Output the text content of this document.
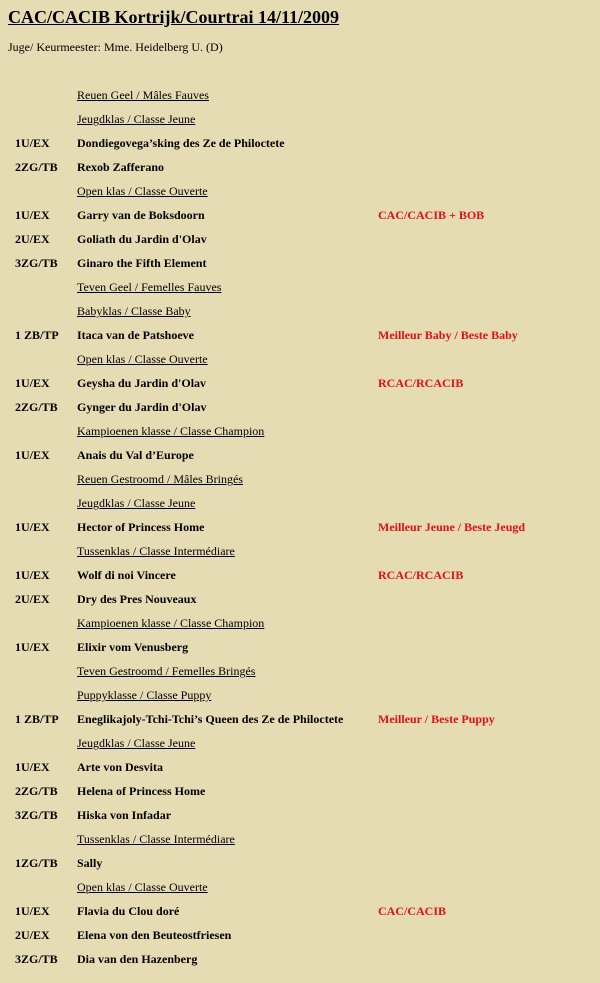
CAC/CACIB Kortrijk/Courtrai 14/11/2009
Juge/ Keurmeester: Mme. Heidelberg U. (D)
Reuen Geel / Mâles Fauves
Jeugdklas / Classe Jeune
1U/EX Dondiegovega’sking des Ze de Philoctete
2ZG/TB Rexob Zafferano
Open klas / Classe Ouverte
1U/EX Garry van de Boksdoorn	CAC/CACIB + BOB
2U/EX Goliath du Jardin d'Olav
3ZG/TB Ginaro the Fifth Element
Teven Geel / Femelles Fauves
Babyklas / Classe Baby
1 ZB/TP Itaca van de Patshoeve	Meilleur Baby / Beste Baby
Open klas / Classe Ouverte
1U/EX Geysha du Jardin d'Olav	RCAC/RCACIB
2ZG/TB Gynger du Jardin d'Olav
Kampioenen klasse / Classe Champion
1U/EX Anais du Val d’Europe
Reuen Gestroomd / Mâles Bringés
Jeugdklas / Classe Jeune
1U/EX Hector of Princess Home	Meilleur Jeune / Beste Jeugd
Tussenklas / Classe Intermédiare
1U/EX Wolf di noi Vincere	RCAC/RCACIB
2U/EX Dry des Pres Nouveaux
Kampioenen klasse / Classe Champion
1U/EX Elixir vom Venusberg
Teven Gestroomd / Femelles Bringés
Puppyklasse / Classe Puppy
1 ZB/TP Eneglikajoly-Tchi-Tchi’s Queen des Ze de Philoctete	Meilleur / Beste Puppy
Jeugdklas / Classe Jeune
1U/EX Arte von Desvita
2ZG/TB Helena of Princess Home
3ZG/TB Hiska von Infadar
Tussenklas / Classe Intermédiare
1ZG/TB Sally
Open klas / Classe Ouverte
1U/EX Flavia du Clou doré	CAC/CACIB
2U/EX Elena von den Beuteostfriesen
3ZG/TB Dia van den Hazenberg
